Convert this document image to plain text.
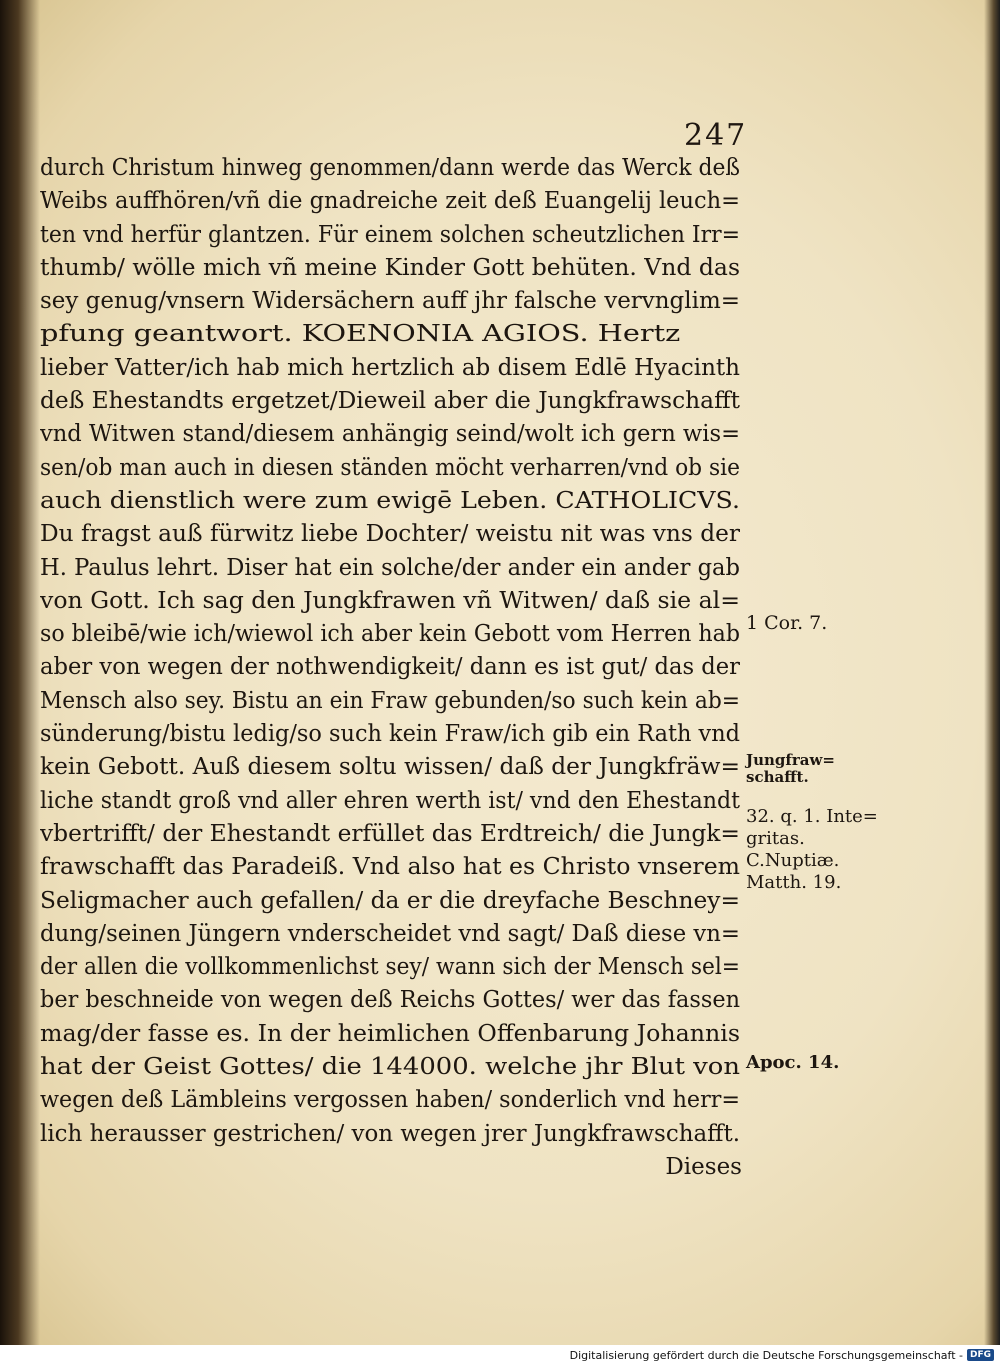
247
durch Christum hinweg genommen/dann werde das Werck deß
Weibs auffhören/vñ die gnadreiche zeit deß Euangelij leuch=
ten vnd herfür glantzen. Für einem solchen scheutzlichen Irr=
thumb/ wölle mich vñ meine Kinder Gott behüten. Vnd das
sey genug/vnsern Widersächern auff jhr falsche vervnglim=
pfung geantwort. KOENONIA AGIOS. Hertz
lieber Vatter/ich hab mich hertzlich ab disem Edlē Hyacinth
deß Ehestandts ergetzet/Dieweil aber die Jungkfrawschafft
vnd Witwen stand/diesem anhängig seind/wolt ich gern wis=
sen/ob man auch in diesen ständen möcht verharren/vnd ob sie
auch dienstlich were zum ewigē Leben. CATHOLICVS.
Du fragst auß fürwitz liebe Dochter/ weistu nit was vns der
H. Paulus lehrt. Diser hat ein solche/der ander ein ander gab
von Gott. Ich sag den Jungkfrawen vñ Witwen/ daß sie al=
so bleibē/wie ich/wiewol ich aber kein Gebott vom Herren hab
aber von wegen der nothwendigkeit/ dann es ist gut/ das der
Mensch also sey. Bistu an ein Fraw gebunden/so such kein ab=
sünderung/bistu ledig/so such kein Fraw/ich gib ein Rath vnd
kein Gebott. Auß diesem soltu wissen/ daß der Jungkfräw=
liche standt groß vnd aller ehren werth ist/ vnd den Ehestandt
vbertrifft/ der Ehestandt erfüllet das Erdtreich/ die Jungk=
frawschafft das Paradeiß. Vnd also hat es Christo vnserem
Seligmacher auch gefallen/ da er die dreyfache Beschney=
dung/seinen Jüngern vnderscheidet vnd sagt/ Daß diese vn=
der allen die vollkommenlichst sey/ wann sich der Mensch sel=
ber beschneide von wegen deß Reichs Gottes/ wer das fassen
mag/der fasse es. In der heimlichen Offenbarung Johannis
hat der Geist Gottes/ die 144000. welche jhr Blut von
wegen deß Lämbleins vergossen haben/ sonderlich vnd herr=
lich herausser gestrichen/ von wegen jrer Jungkfrawschafft.
Dieses
1 Cor. 7.
Jungfraw=
schafft.
32. q. 1. Inte=
gritas.
C.Nuptiæ.
Matth. 19.
Apoc. 14.
Digitalisierung gefördert durch die Deutsche Forschungsgemeinschaft - DFG
